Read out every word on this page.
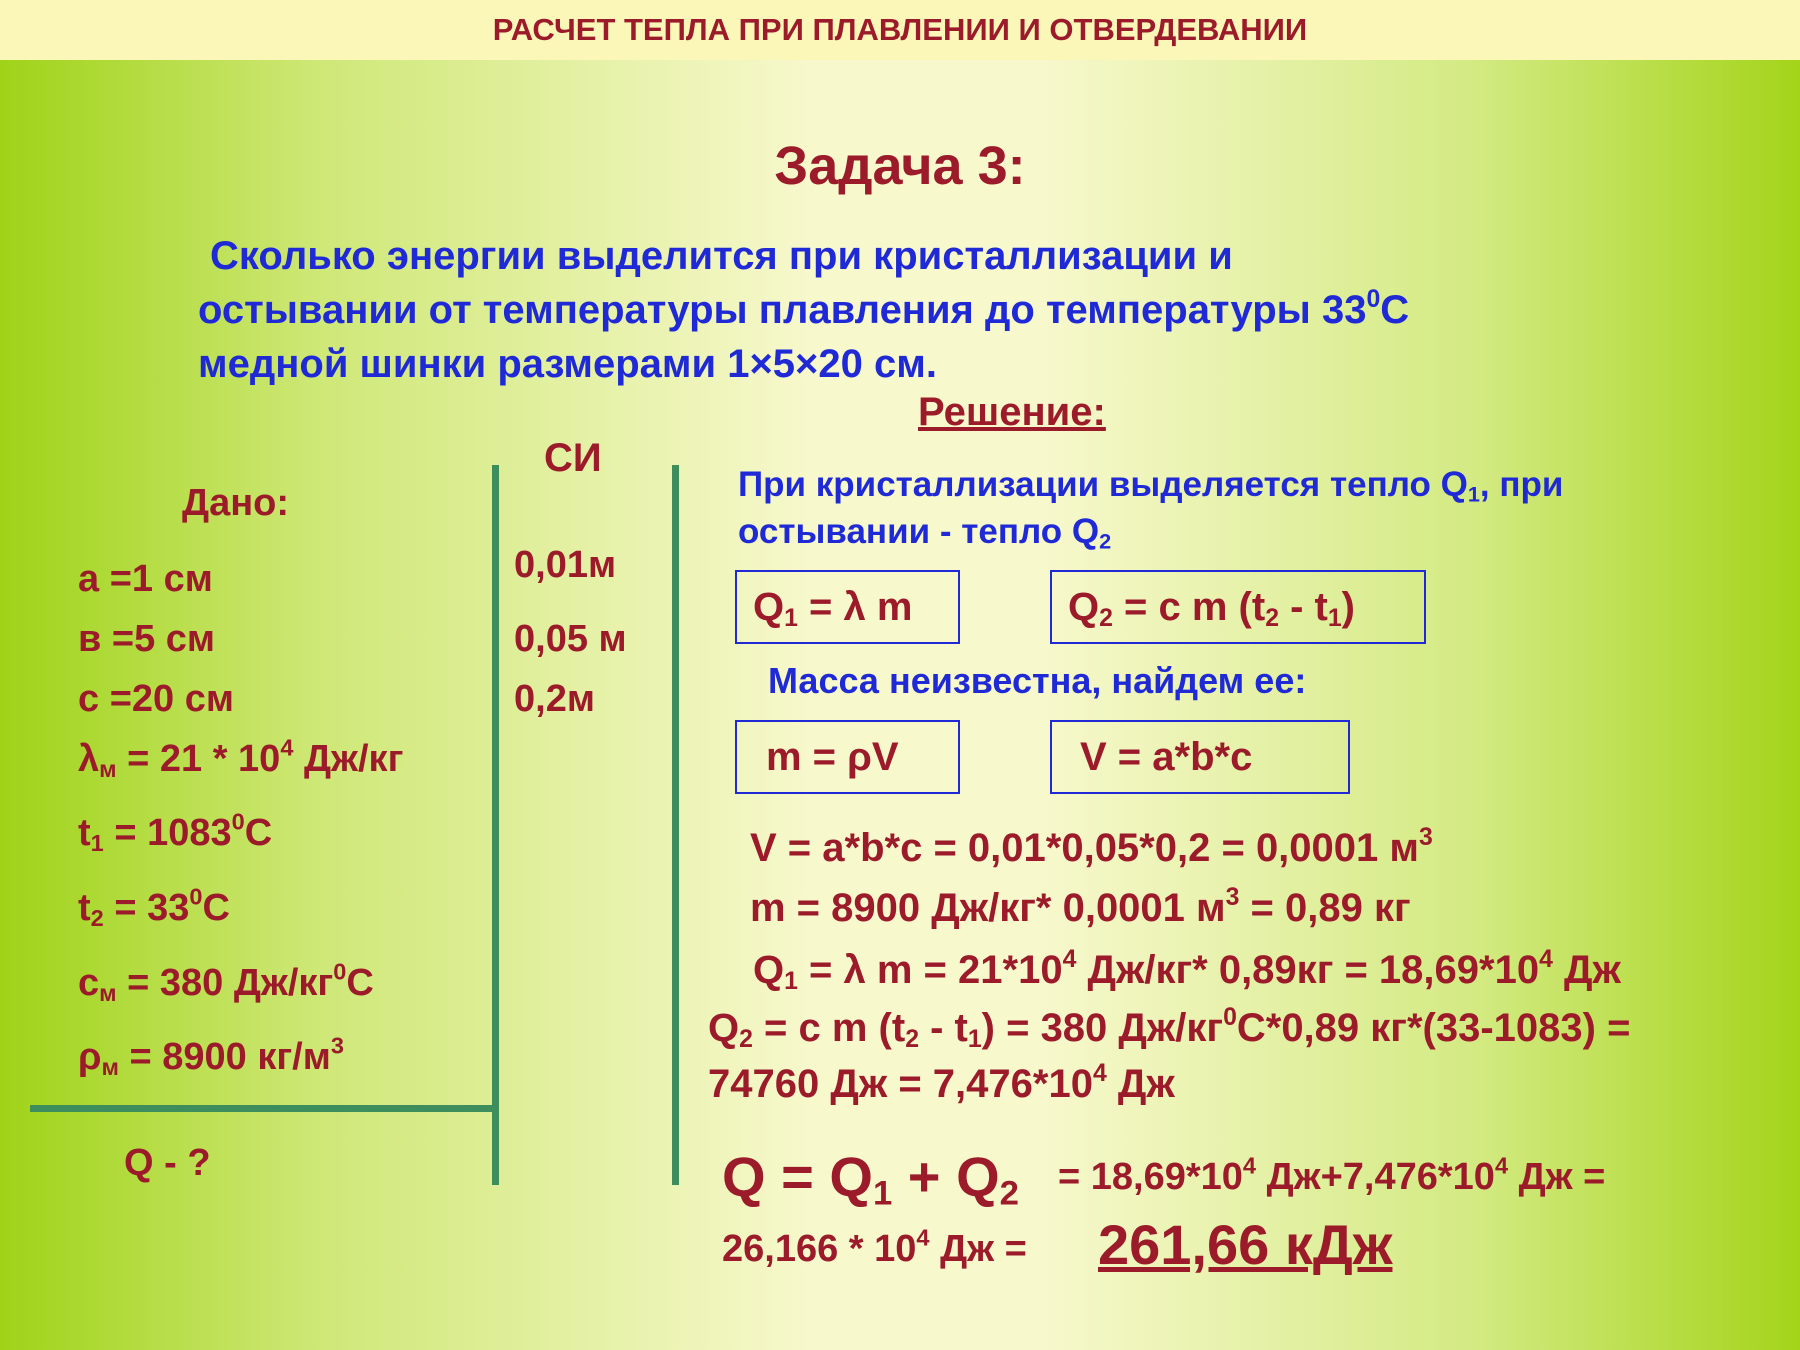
РАСЧЕТ ТЕПЛА ПРИ ПЛАВЛЕНИИ И ОТВЕРДЕВАНИИ
Задача 3:
Сколько энергии выделится при кристаллизации и
остывании от температуры плавления до температуры $33^0С$
медной шинки размерами 1×5×20 см.
Решение:
Дано:
a =1 см
в =5 см
с =20 см
$\lambda_м = 21 * 10^4$ Дж/кг
$t_1 = 1083^0С$
$t_2 = 33^0С$
$с_м = 380$ $Дж/кг^0С$
$\rho_м = 8900$ $кг/м^3$
Q - ?
СИ
0,01м
0,05 м
0,2м
При кристаллизации выделяется тепло $Q_1$, при
остывании - тепло $Q_2$
$Q_1 = \lambda$ m	$Q_2 = c$ m $(t_2 - t_1)$
Масса неизвестна, найдем ее:
m = ρV	V = a*b*c
V = a*b*c = 0,01*0,05*0,2 = 0,0001 $м^3$
m = 8900 Дж/кг* 0,0001 $м^3 = 0,89$ кг
$Q_1 = \lambda$ $m = 21*10^4$ Дж/кг* $0,89кг = 18,69*10^4$ Дж
$Q_2 = c$ m $(t_2 - t_1) = 380$ $Дж/кг^0С*0,89$ кг*(33-1083) =
74760 Дж = $7,476*10^4$ Дж
$Q = Q_1 + Q_2 = 18,69*10^4$ $Дж+7,476*10^4$ Дж =
$26,166 * 10^4$ Дж = 261,66 кДж
